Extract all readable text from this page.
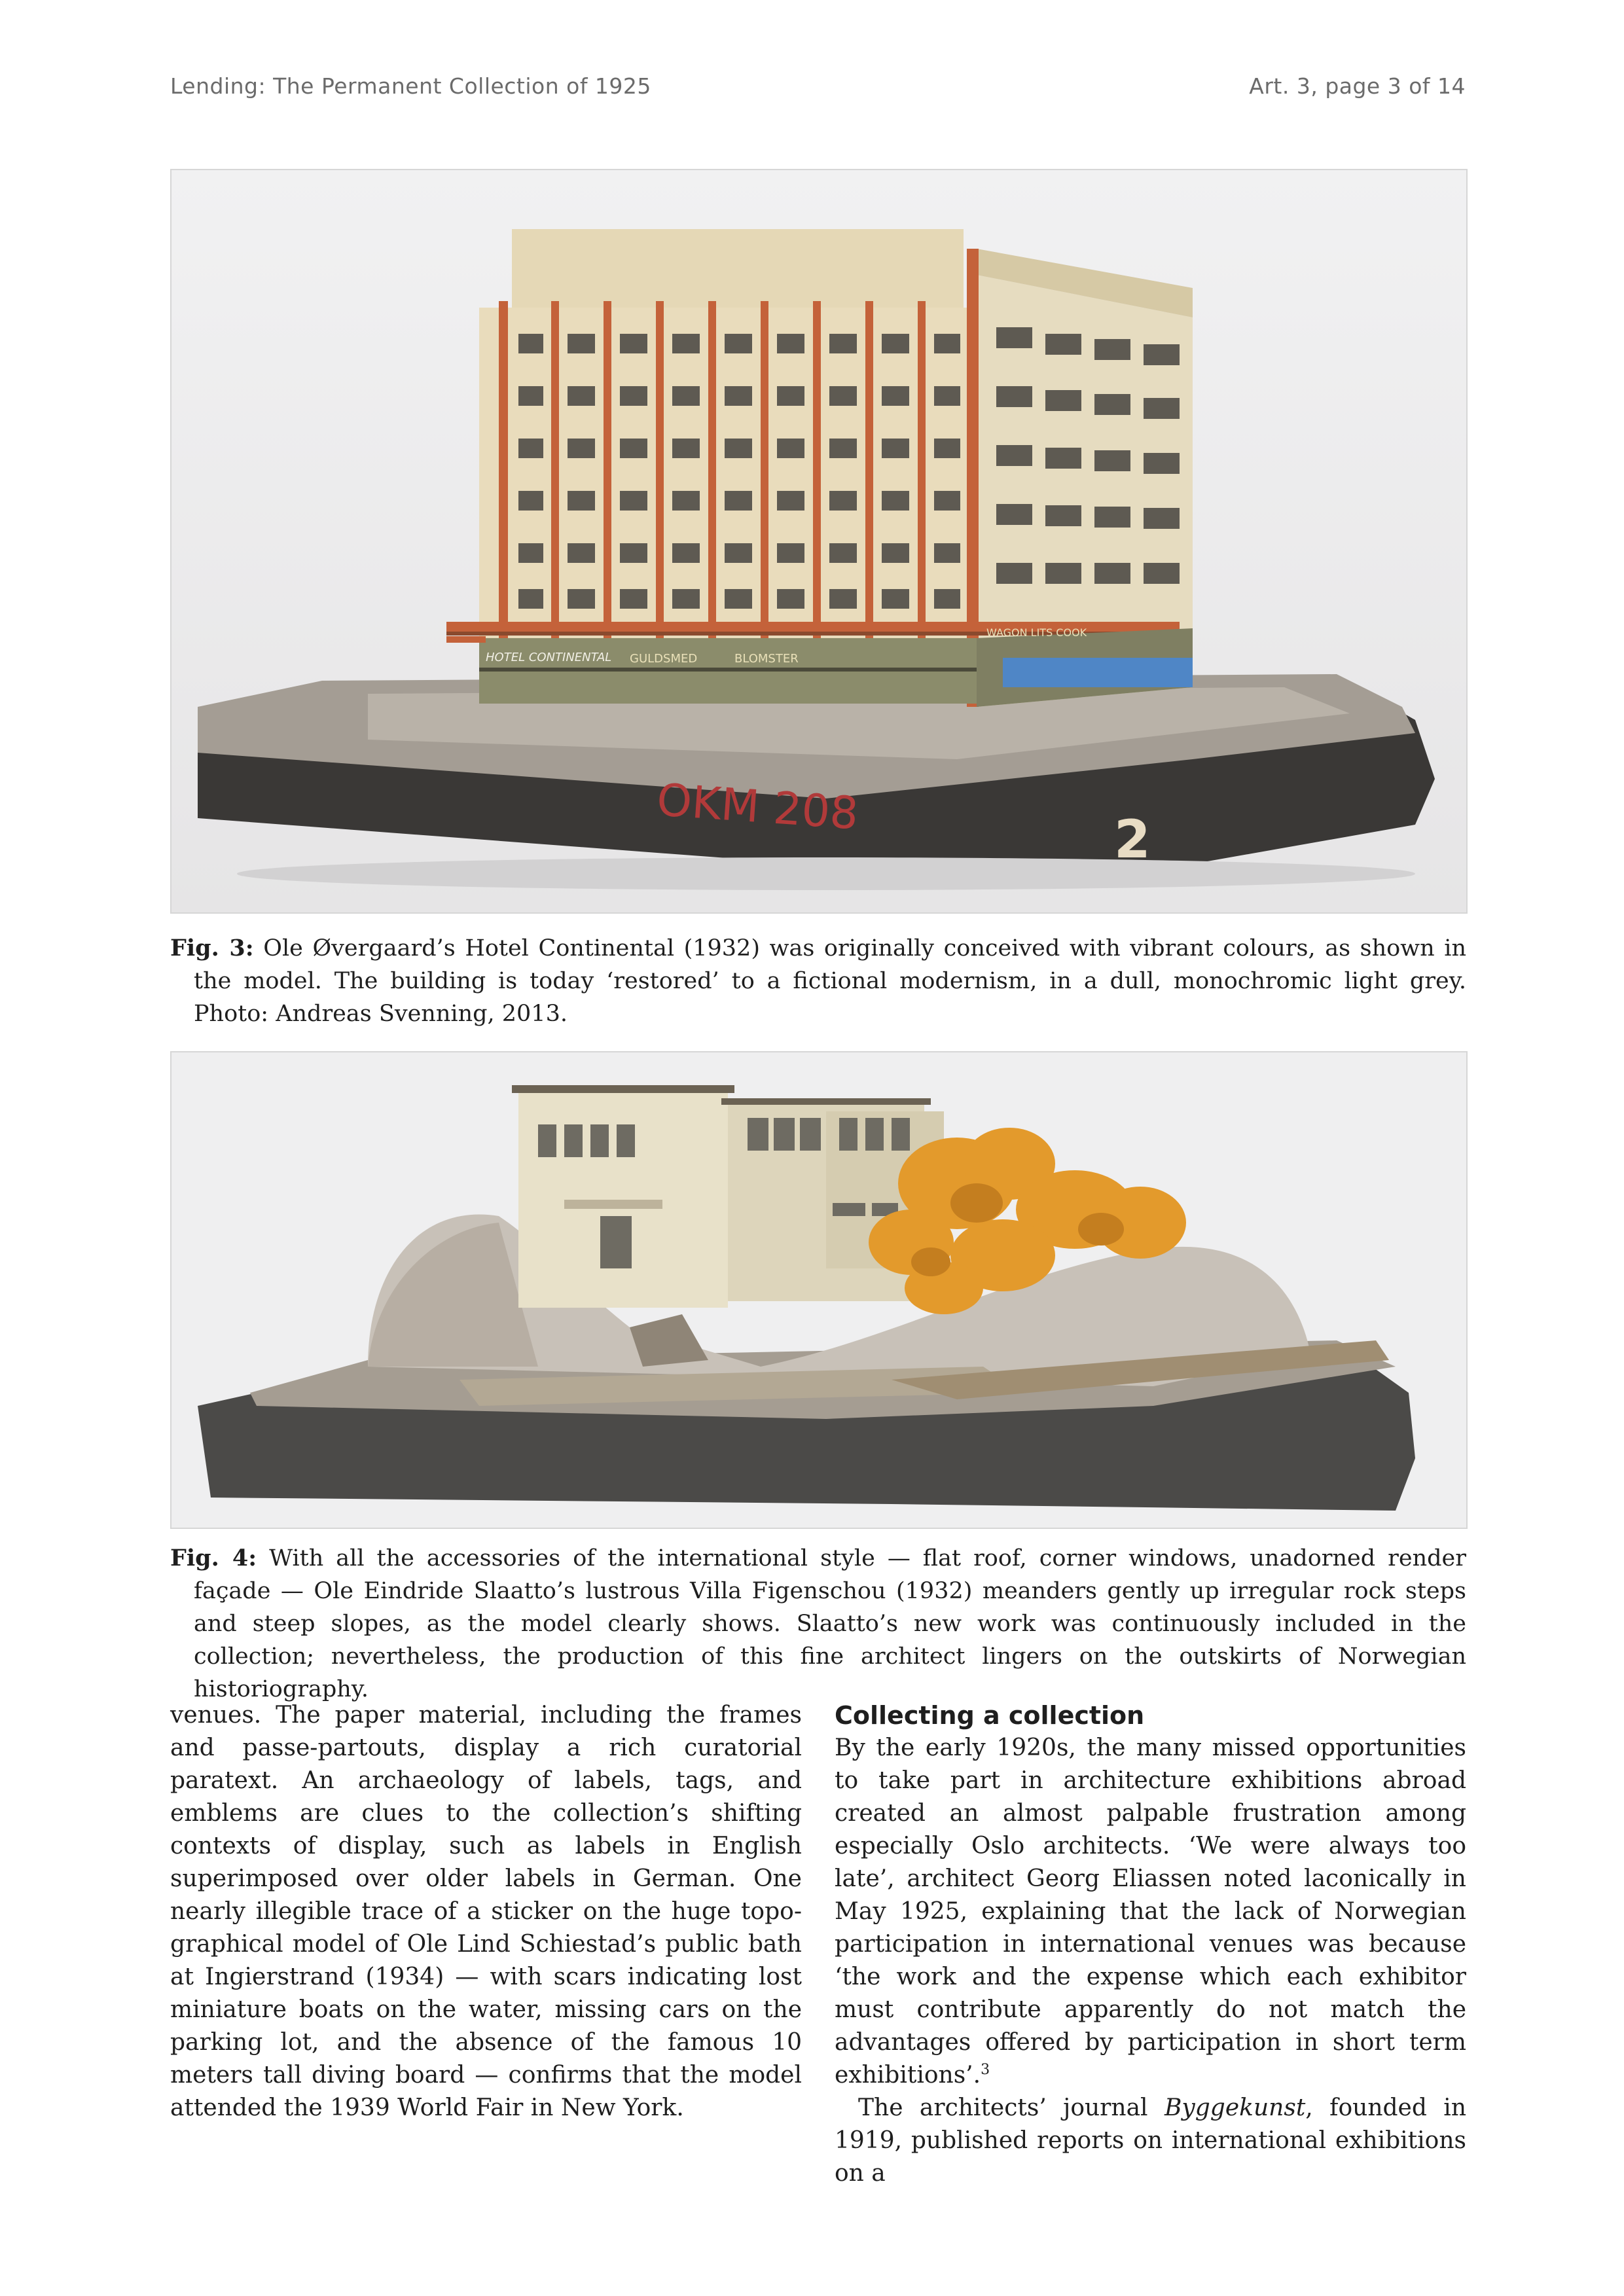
Lending: The Permanent Collection of 1925	Art. 3, page 3 of 14
HOTEL CONTINENTAL GULDSMED	BLOMSTER
WAGON LITS COOK
OKM 208	2
Fig. 3: Ole Øvergaard’s Hotel Continental (1932) was originally conceived with vibrant colours, as shown in the model. The building is today ‘restored’ to a fictional modernism, in a dull, monochromic light grey. Photo: Andreas Svenning, 2013.
Fig. 4: With all the accessories of the international style — flat roof, corner windows, unadorned render façade — Ole Eindride Slaatto’s lustrous Villa Figenschou (1932) meanders gently up irregular rock steps and steep slopes, as the model clearly shows. Slaatto’s new work was continuously included in the collection; nevertheless, the production of this fine architect lingers on the outskirts of Norwegian historiography.

venues. The paper material, including the frames and passe-partouts, display a rich curatorial paratext. An archaeology of labels, tags, and emblems are clues to the collection’s shifting contexts of display, such as labels in English superimposed over older labels in German. One nearly illegible trace of a sticker on the huge topographical model of Ole Lind Schiestad’s public bath at Ingierstrand (1934) — with scars indicating lost miniature boats on the water, missing cars on the parking lot, and the absence of the famous 10 meters tall diving board — confirms that the model attended the 1939 World Fair in New York.

Collecting a collection

By the early 1920s, the many missed opportunities to take part in architecture exhibitions abroad created an almost palpable frustration among especially Oslo architects. ‘We were always too late’, architect Georg Eliassen noted laconically in May 1925, explaining that the lack of Norwegian participation in international venues was because ‘the work and the expense which each exhibitor must contribute apparently do not match the advantages offered by participation in short term exhibitions’.$^3$

The architects’ journal Byggekunst, founded in 1919, published reports on international exhibitions on a
